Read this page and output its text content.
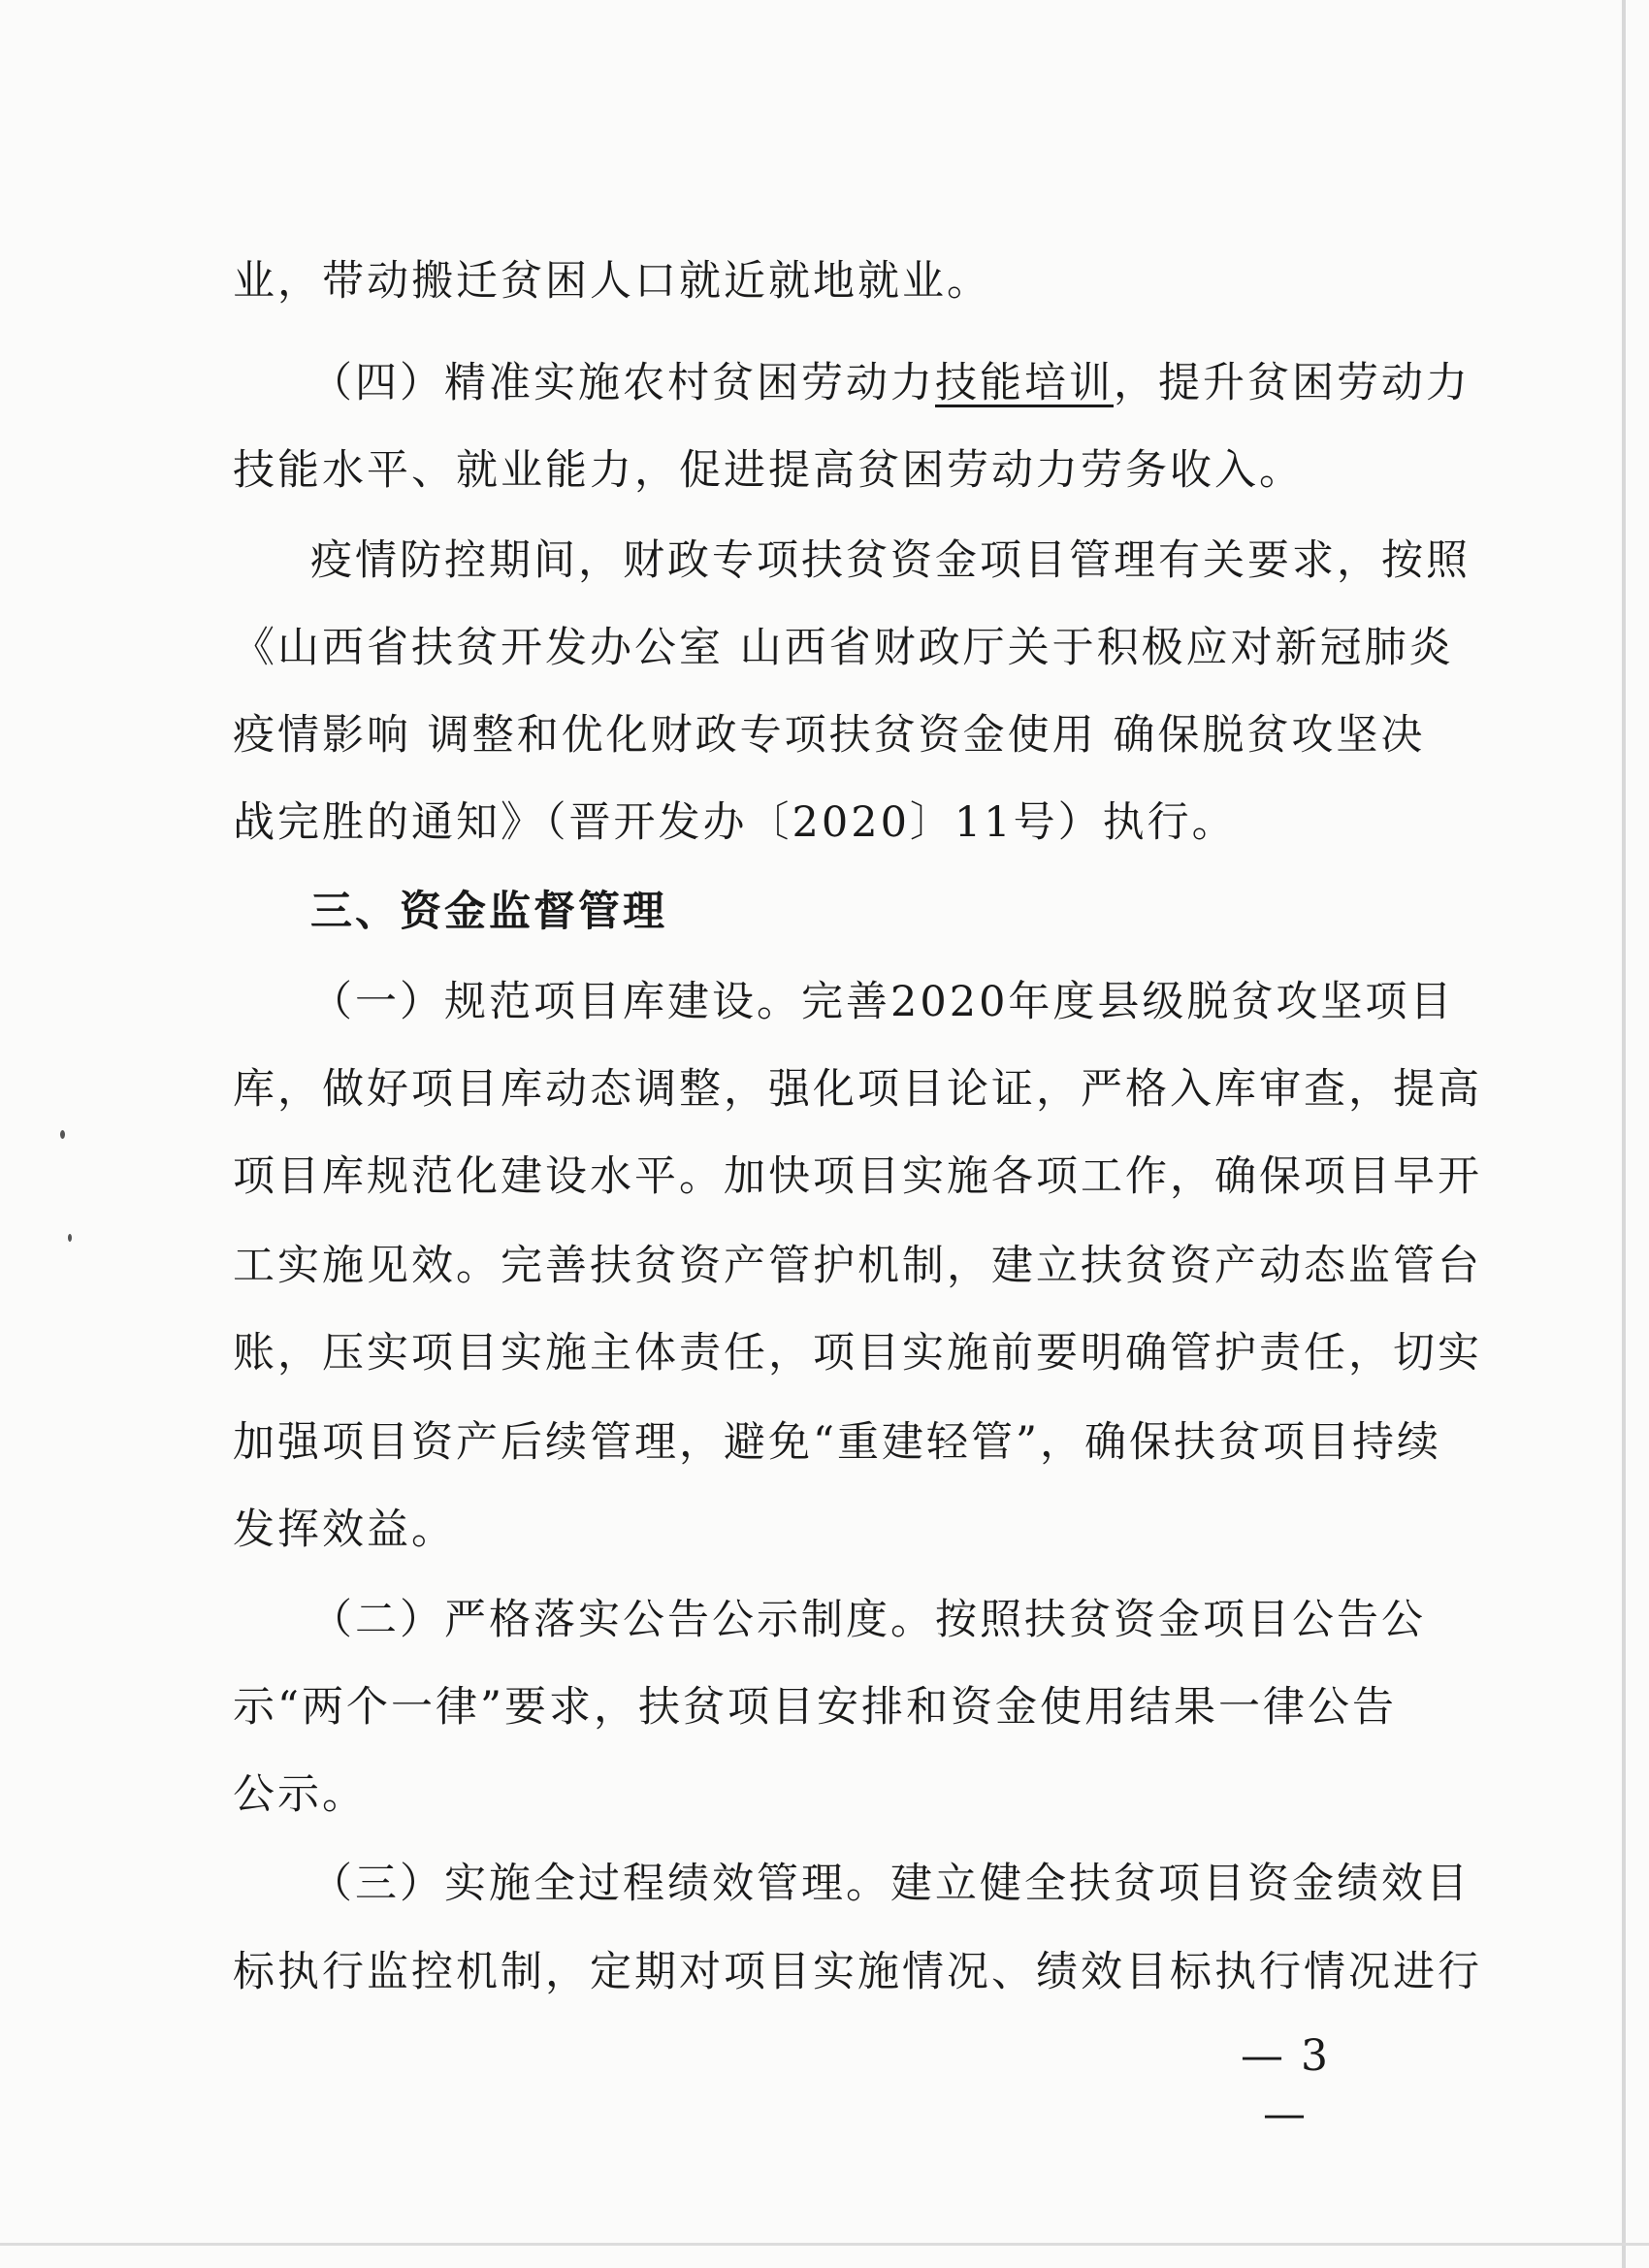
业，带动搬迁贫困人口就近就地就业。
（四）精准实施农村贫困劳动力技能培训，提升贫困劳动力
技能水平、就业能力，促进提高贫困劳动力劳务收入。
疫情防控期间，财政专项扶贫资金项目管理有关要求，按照
《山西省扶贫开发办公室 山西省财政厅关于积极应对新冠肺炎
疫情影响 调整和优化财政专项扶贫资金使用 确保脱贫攻坚决
战完胜的通知》（晋开发办〔2020〕11号）执行。
三、资金监督管理
（一）规范项目库建设。完善2020年度县级脱贫攻坚项目
库，做好项目库动态调整，强化项目论证，严格入库审查，提高
项目库规范化建设水平。加快项目实施各项工作，确保项目早开
工实施见效。完善扶贫资产管护机制，建立扶贫资产动态监管台
账，压实项目实施主体责任，项目实施前要明确管护责任，切实
加强项目资产后续管理，避免“重建轻管”，确保扶贫项目持续
发挥效益。
（二）严格落实公告公示制度。按照扶贫资金项目公告公
示“两个一律”要求，扶贫项目安排和资金使用结果一律公告
公示。
（三）实施全过程绩效管理。建立健全扶贫项目资金绩效目
标执行监控机制，定期对项目实施情况、绩效目标执行情况进行
— 3 —
